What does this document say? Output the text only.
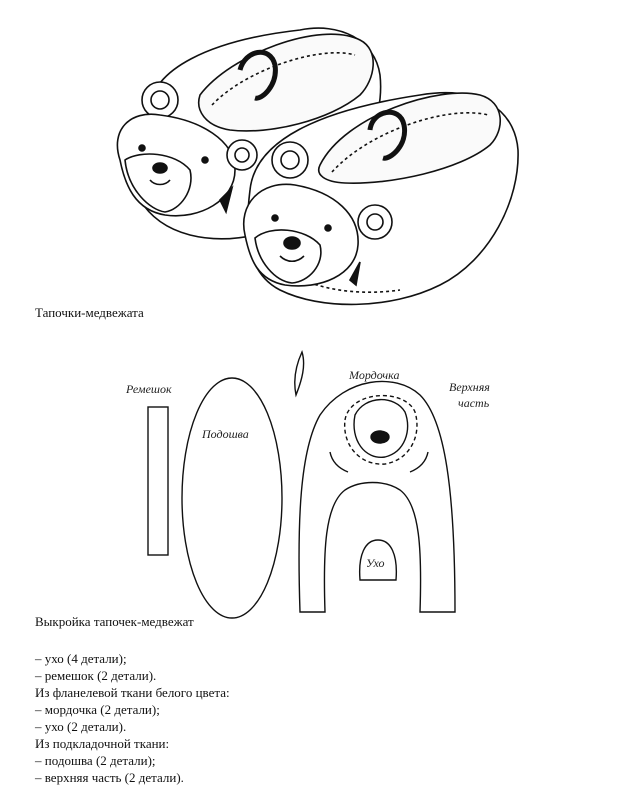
Тапочки-медвежата
Ремешок
Подошва
Мордочка
Верхняя
часть
Ухо
Выкройка тапочек-медвежат
– ухо (4 детали);
– ремешок (2 детали).
Из фланелевой ткани белого цвета:
– мордочка (2 детали);
– ухо (2 детали).
Из подкладочной ткани:
– подошва (2 детали);
– верхняя часть (2 детали).
